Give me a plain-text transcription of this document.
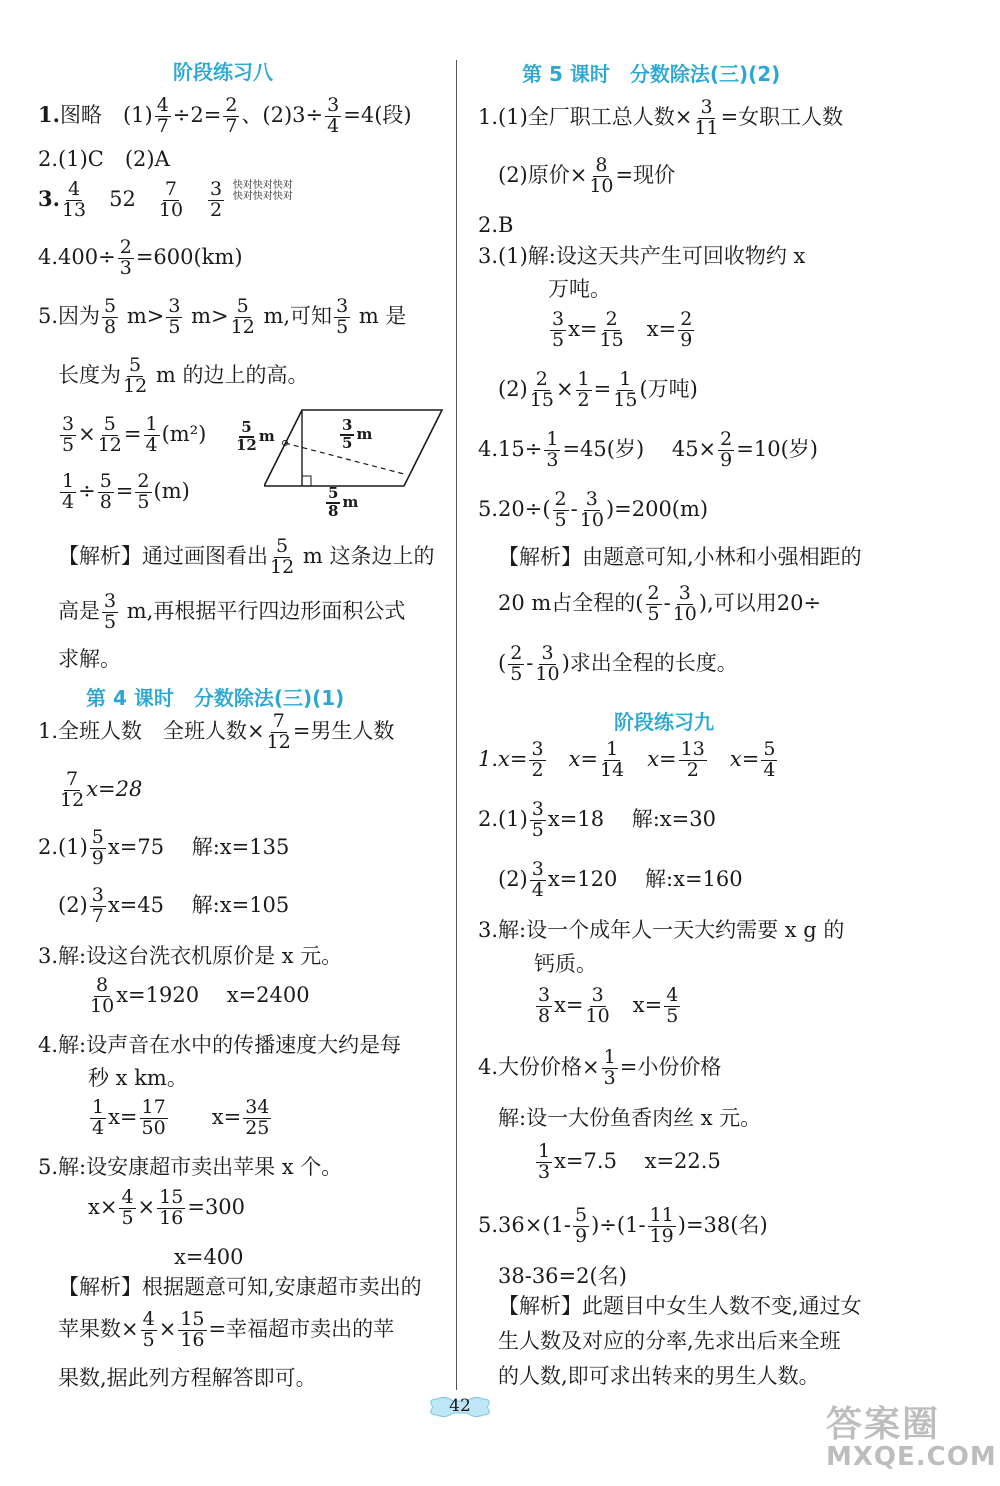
阶段练习八
1.图略　 $(1) \frac{4}{7} \div 2= \frac{2}{7}$ 、$(2)3\div \frac{3}{4} =4$(段)
2.(1)C　(2)A
3. $\frac{4}{13}$
　 52　 $\frac{7}{10}$
　 $\frac{3}{2}$ 快对快对快对
快对快对快对
$4.400\div \frac{2}{3} =600(km)$
5.因为 $\frac{5}{8} m> \frac{3}{5} m> \frac{5}{12} m$,可知 $\frac{3}{5}$ m 是
长度为 $\frac{5}{12}$ m 的边上的高。
$\frac{3}{5} \times \frac{5}{12} = \frac{1}{4} (m^2)$
$\frac{1}{4} \div \frac{5}{8} = \frac{2}{5} (m)$
$\frac{5}{12}$ m	$\frac{3}{5}$ m
$\frac{5}{8}$ m
【解析】通过画图看出 $\frac{5}{12}$ m 这条边上的
高是 $\frac{3}{5} m$,再根据平行四边形面积公式
求解。
第 4 课时　分数除法(三)(1)
1.全班人数　全班人数× $\frac{7}{12}$ =男生人数
$\frac{7}{12} x=28$
$2.(1) \frac{5}{9} x=75$　 解:x=135
$(2) \frac{3}{7} x=45$　 解:x=105
3.解:设这台洗衣机原价是 x 元。
$\frac{8}{10} x=1920$　 x=2400
4.解:设声音在水中的传播速度大约是每
秒 x km。
$\frac{1}{4} x= \frac{17}{50}$
　　 $x= \frac{34}{25}$
5.解:设安康超市卖出苹果 x 个。
$x\times \frac{4}{5} \times \frac{15}{16} =300$
x=400
【解析】根据题意可知,安康超市卖出的
苹果数× $\frac{4}{5} \times \frac{15}{16}$ =幸福超市卖出的苹
果数,据此列方程解答即可。
第 5 课时　分数除法(三)(2)
1.(1)全厂职工总人数× $\frac{3}{11}$ =女职工人数
(2)原价× $\frac{8}{10}$ =现价
2.B
3.(1)解:设这天共产生可回收物约 x
万吨。
$\frac{3}{5} x= \frac{2}{15}$
　 $x= \frac{2}{9}$
$(2) \frac{2}{15} \times \frac{1}{2} = \frac{1}{15}$ (万吨)
$4.15\div \frac{1}{3} =45$(岁)　 $45\times \frac{2}{9} =10$(岁)
$5.20\div( \frac{2}{5} - \frac{3}{10} )=200(m)$
【解析】由题意可知,小林和小强相距的
20 m占全程的( $\frac{2}{5} - \frac{3}{10}$ ),可以用20÷
( $\frac{2}{5} - \frac{3}{10}$ )求出全程的长度。
阶段练习九
$1.x= \frac{3}{2}$
　 $x= \frac{1}{14}$
　 $x= \frac{13}{2}$
　 $x= \frac{5}{4}$
$2.(1) \frac{3}{5} x=18$　 解:x=30
$(2) \frac{3}{4} x=120$　 解:x=160
3.解:设一个成年人一天大约需要 x g 的
钙质。
$\frac{3}{8} x= \frac{3}{10}$
　 $x= \frac{4}{5}$
4.大份价格× $\frac{1}{3}$ =小份价格
解:设一大份鱼香肉丝 x 元。
$\frac{1}{3} x=7.5$　 x=22.5
$5.36\times(1- \frac{5}{9} )\div(1- \frac{11}{19} )=38$(名)
38-36=2(名)
【解析】此题目中女生人数不变,通过女
生人数及对应的分率,先求出后来全班
的人数,即可求出转来的男生人数。
42	答案圈
MXQE.COM
